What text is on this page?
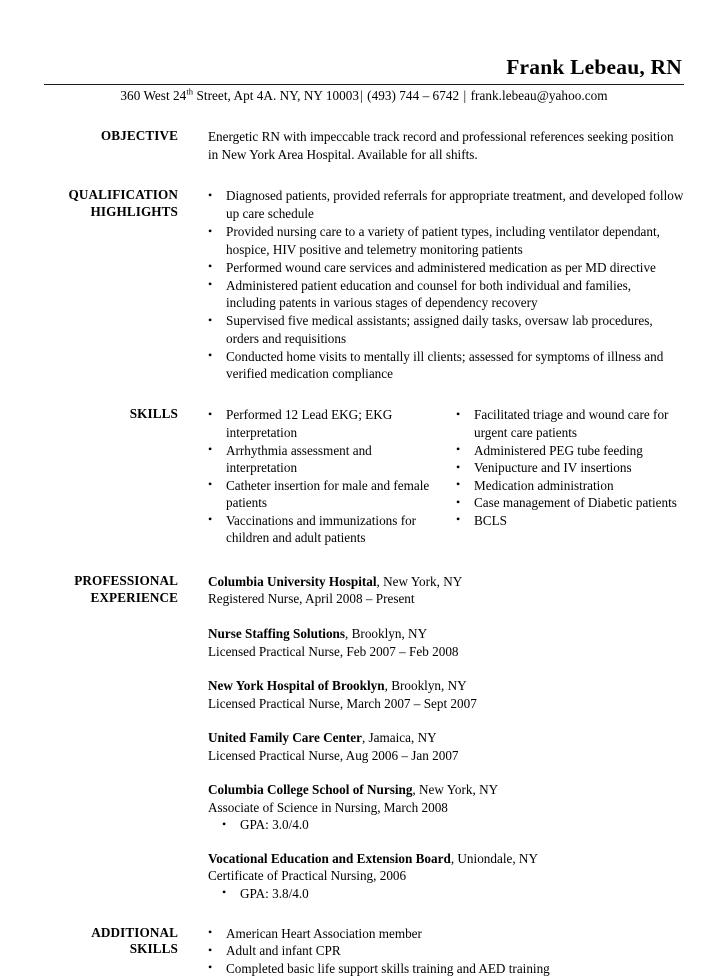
Frank Lebeau, RN
360 West 24th Street, Apt 4A. NY, NY 10003| (493) 744 – 6742 | frank.lebeau@yahoo.com
OBJECTIVE Energetic RN with impeccable track record and professional references seeking position in New York Area Hospital. Available for all shifts.
QUALIFICATION
HIGHLIGHTS
• Diagnosed patients, provided referrals for appropriate treatment, and developed follow up care schedule
• Provided nursing care to a variety of patient types, including ventilator dependant, hospice, HIV positive and telemetry monitoring patients
• Performed wound care services and administered medication as per MD directive
• Administered patient education and counsel for both individual and families, including patents in various stages of dependency recovery
• Supervised five medical assistants; assigned daily tasks, oversaw lab procedures, orders and requisitions
• Conducted home visits to mentally ill clients; assessed for symptoms of illness and verified medication compliance
SKILLS	• Performed 12 Lead EKG; EKG interpretation
• Arrhythmia assessment and interpretation
• Catheter insertion for male and female patients
• Vaccinations and immunizations for children and adult patients
• Facilitated triage and wound care for urgent care patients
• Administered PEG tube feeding
• Venipucture and IV insertions
• Medication administration
• Case management of Diabetic patients
• BCLS
PROFESSIONAL
EXPERIENCE
Columbia University Hospital, New York, NY
Registered Nurse, April 2008 – Present
Nurse Staffing Solutions, Brooklyn, NY
Licensed Practical Nurse, Feb 2007 – Feb 2008
New York Hospital of Brooklyn, Brooklyn, NY
Licensed Practical Nurse, March 2007 – Sept 2007
United Family Care Center, Jamaica, NY
Licensed Practical Nurse, Aug 2006 – Jan 2007
Columbia College School of Nursing, New York, NY
Associate of Science in Nursing, March 2008
• GPA: 3.0/4.0
Vocational Education and Extension Board, Uniondale, NY
Certificate of Practical Nursing, 2006
• GPA: 3.8/4.0
ADDITIONAL
SKILLS
• American Heart Association member
• Adult and infant CPR
• Completed basic life support skills training and AED training
